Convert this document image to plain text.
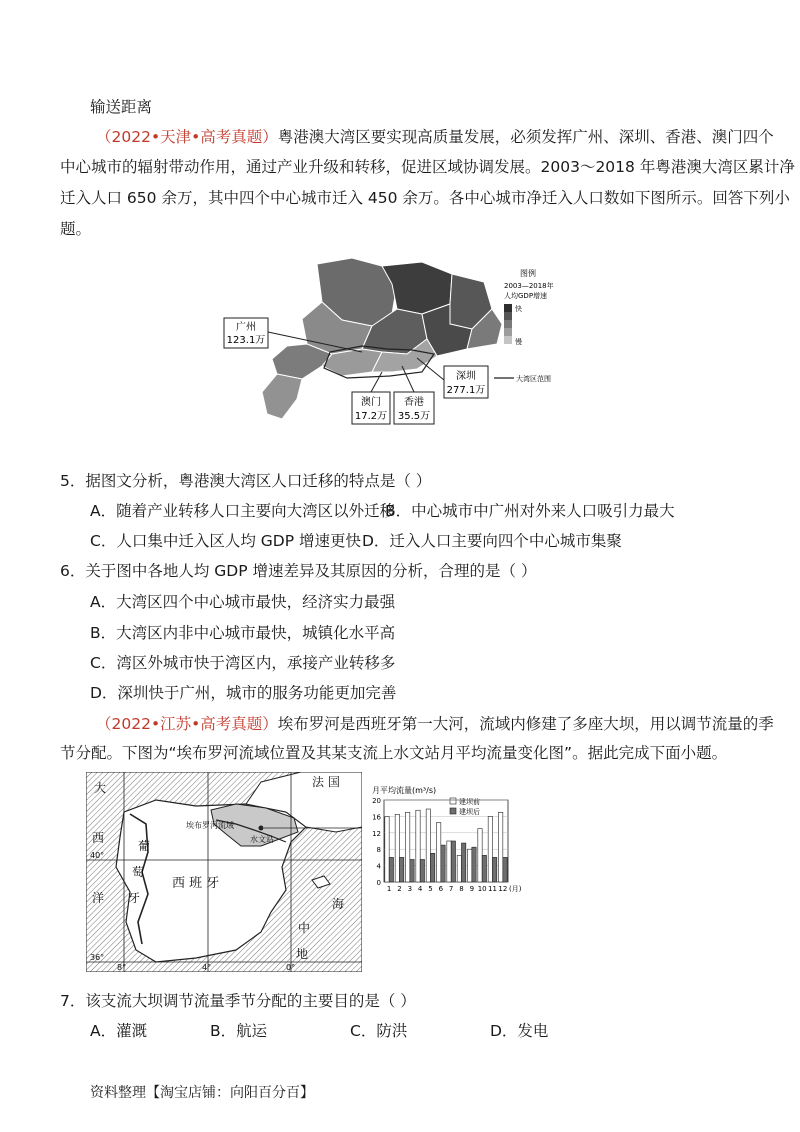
输送距离
（2022•天津•高考真题）粤港澳大湾区要实现高质量发展，必须发挥广州、深圳、香港、澳门四个
中心城市的辐射带动作用，通过产业升级和转移，促进区域协调发展。2003～2018 年粤港澳大湾区累计净
迁入人口 650 余万，其中四个中心城市迁入 450 余万。各中心城市净迁入人口数如下图所示。回答下列小
题。
广州
123.1万
澳门
17.2万
香港
35.5万
深圳
277.1万
图例
2003—2018年
人均GDP增速
快
慢
大湾区范围
5．据图文分析，粤港澳大湾区人口迁移的特点是（ ）
A．随着产业转移人口主要向大湾区以外迁移
B．中心城市中广州对外来人口吸引力最大
C．人口集中迁入区人均 GDP 增速更快 D．迁入人口主要向四个中心城市集聚
6．关于图中各地人均 GDP 增速差异及其原因的分析，合理的是（ ）
A．大湾区四个中心城市最快，经济实力最强
B．大湾区内非中心城市最快，城镇化水平高
C．湾区外城市快于湾区内，承接产业转移多
D．深圳快于广州，城市的服务功能更加完善
（2022•江苏•高考真题）埃布罗河是西班牙第一大河，流域内修建了多座大坝，用以调节流量的季
节分配。下图为“埃布罗河流域位置及其某支流上水文站月平均流量变化图”。据此完成下面小题。
大
西
洋
葡
萄
牙
西 班 牙
法 国
埃布罗河流域
水文站
海
中
地
40°
36°
8°	4°	0°
月平均流量(m³/s)
建坝前
建坝后
0
4
8
12
16
20
1 2 3 4 5 6 7 8 9 10 11 12 (月)
7．该支流大坝调节流量季节分配的主要目的是（ ）
A．灌溉	B．航运	C．防洪	D．发电
资料整理【淘宝店铺：向阳百分百】
